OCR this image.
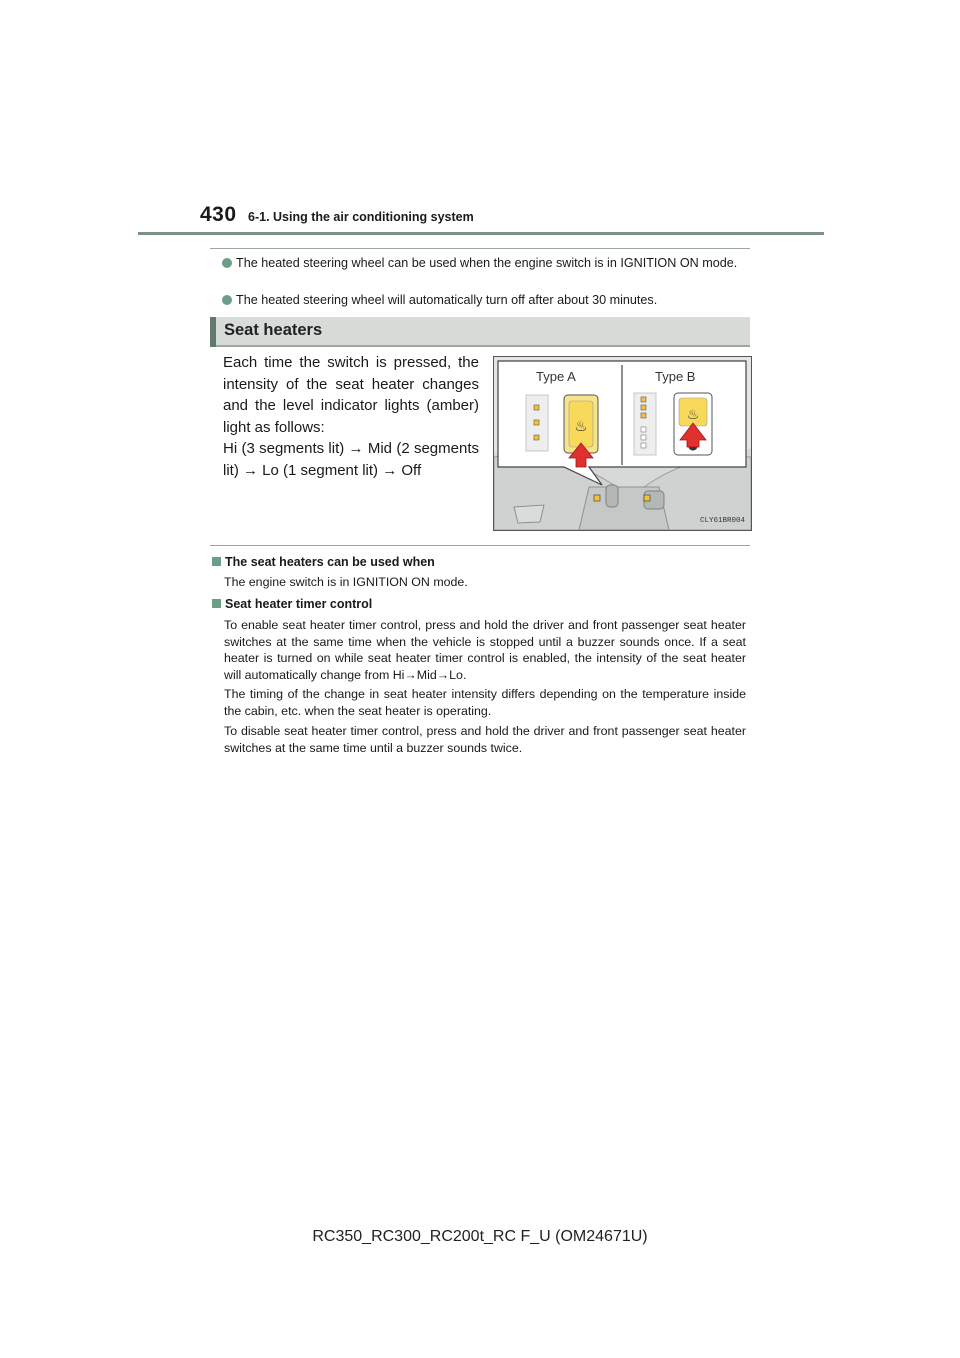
430 6-1. Using the air conditioning system
The heated steering wheel can be used when the engine switch is in IGNITION ON mode.
The heated steering wheel will automatically turn off after about 30 minutes.
Seat heaters
Each time the switch is pressed, the intensity of the seat heater changes and the level indicator lights (amber) light as follows:
Hi (3 segments lit) → Mid (2 segments lit) → Lo (1 segment lit) → Off
♨
♨
Type A	Type B
CLY61BR004
The seat heaters can be used when
The engine switch is in IGNITION ON mode.
Seat heater timer control
To enable seat heater timer control, press and hold the driver and front passenger seat heater switches at the same time when the vehicle is stopped until a buzzer sounds once. If a seat heater is turned on while seat heater timer control is enabled, the intensity of the seat heater will automatically change from Hi→Mid→Lo.
The timing of the change in seat heater intensity differs depending on the temperature inside the cabin, etc. when the seat heater is operating.
To disable seat heater timer control, press and hold the driver and front passenger seat heater switches at the same time until a buzzer sounds twice.
RC350_RC300_RC200t_RC F_U (OM24671U)
